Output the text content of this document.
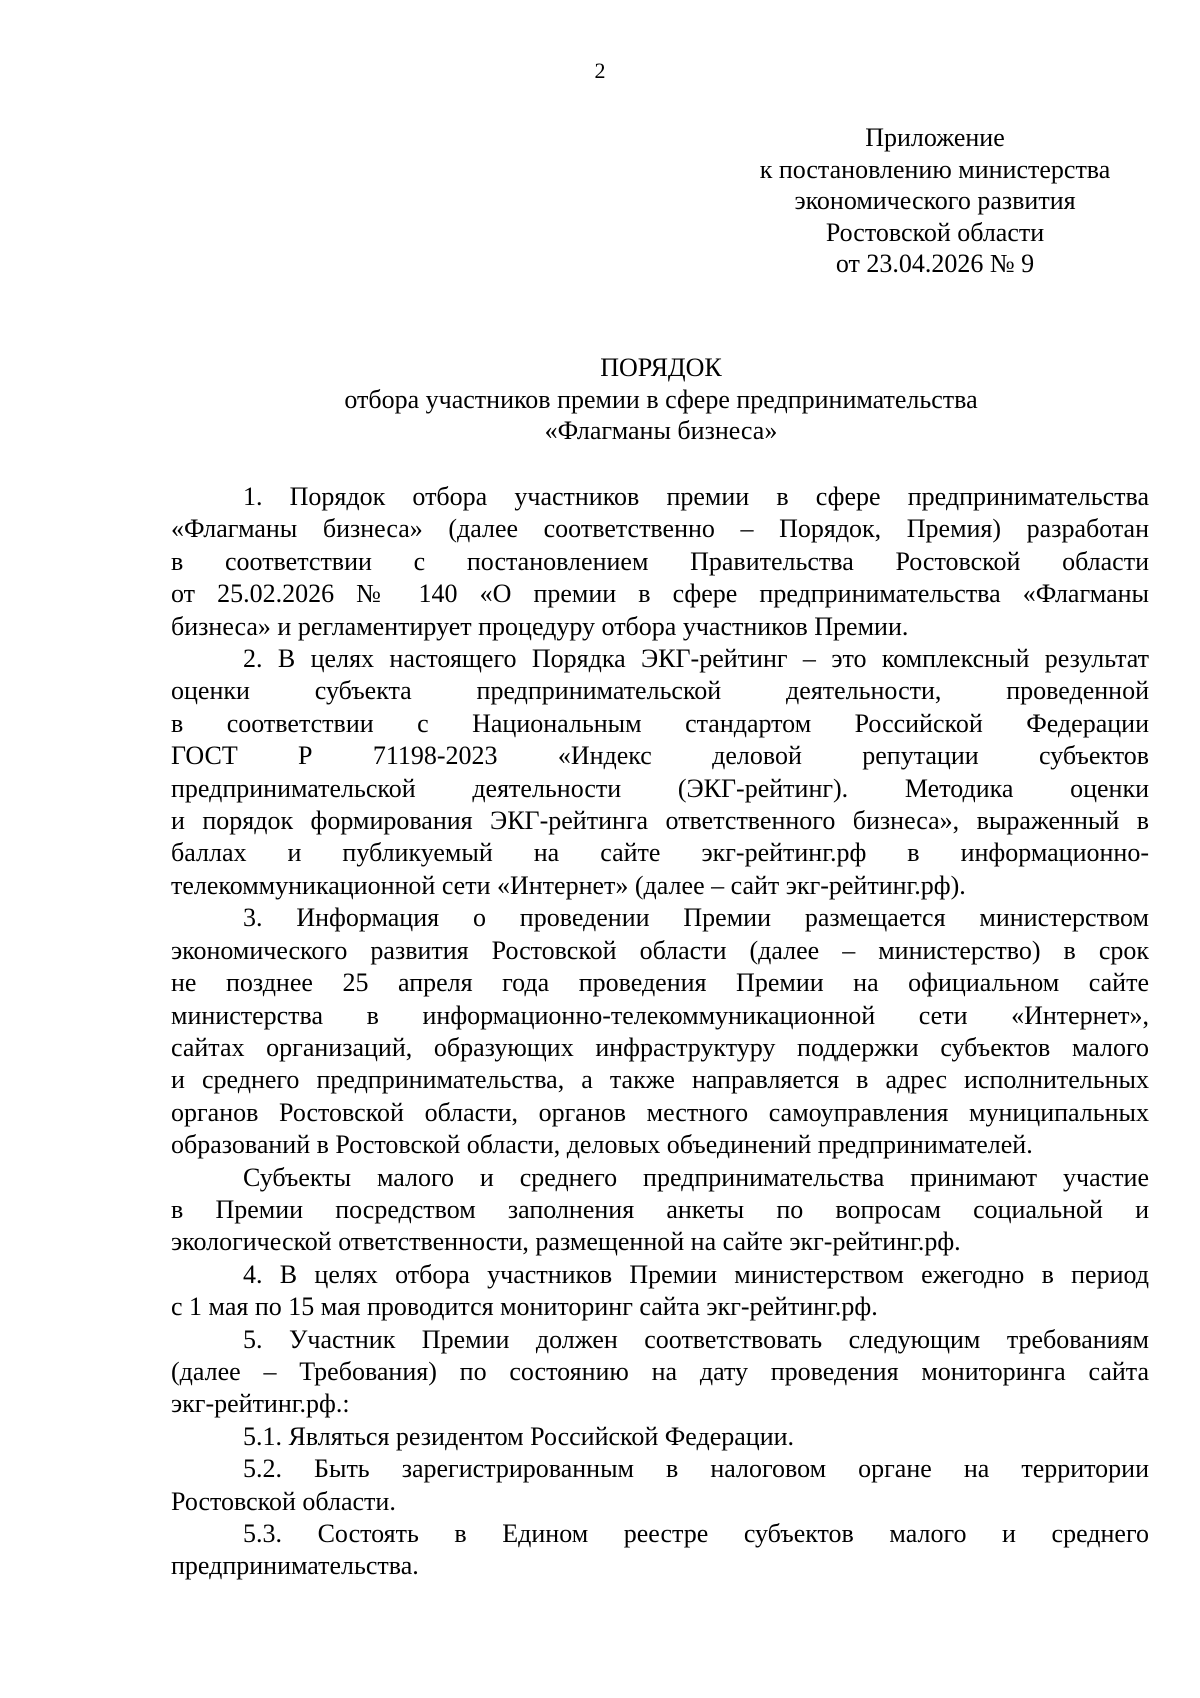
2
Приложение
к постановлению министерства
экономического развития
Ростовской области
от 23.04.2026 № 9
ПОРЯДОК
отбора участников премии в сфере предпринимательства
«Флагманы бизнеса»
1. Порядок отбора участников премии в сфере предпринимательства
«Флагманы бизнеса» (далее соответственно – Порядок, Премия) разработан
в соответствии с постановлением Правительства Ростовской области
от 25.02.2026 № 140 «О премии в сфере предпринимательства «Флагманы
бизнеса» и регламентирует процедуру отбора участников Премии.
2. В целях настоящего Порядка ЭКГ-рейтинг – это комплексный результат
оценки субъекта предпринимательской деятельности, проведенной
в соответствии с Национальным стандартом Российской Федерации
ГОСТ Р 71198-2023 «Индекс деловой репутации субъектов
предпринимательской деятельности (ЭКГ-рейтинг). Методика оценки
и порядок формирования ЭКГ-рейтинга ответственного бизнеса», выраженный в
баллах и публикуемый на сайте экг-рейтинг.рф в информационно-
телекоммуникационной сети «Интернет» (далее – сайт экг-рейтинг.рф).
3. Информация о проведении Премии размещается министерством
экономического развития Ростовской области (далее – министерство) в срок
не позднее 25 апреля года проведения Премии на официальном сайте
министерства в информационно-телекоммуникационной сети «Интернет»,
сайтах организаций, образующих инфраструктуру поддержки субъектов малого
и среднего предпринимательства, а также направляется в адрес исполнительных
органов Ростовской области, органов местного самоуправления муниципальных
образований в Ростовской области, деловых объединений предпринимателей.
Субъекты малого и среднего предпринимательства принимают участие
в Премии посредством заполнения анкеты по вопросам социальной и
экологической ответственности, размещенной на сайте экг-рейтинг.рф.
4. В целях отбора участников Премии министерством ежегодно в период
с 1 мая по 15 мая проводится мониторинг сайта экг-рейтинг.рф.
5. Участник Премии должен соответствовать следующим требованиям
(далее – Требования) по состоянию на дату проведения мониторинга сайта
экг-рейтинг.рф.:
5.1. Являться резидентом Российской Федерации.
5.2. Быть зарегистрированным в налоговом органе на территории
Ростовской области.
5.3. Состоять в Едином реестре субъектов малого и среднего
предпринимательства.
